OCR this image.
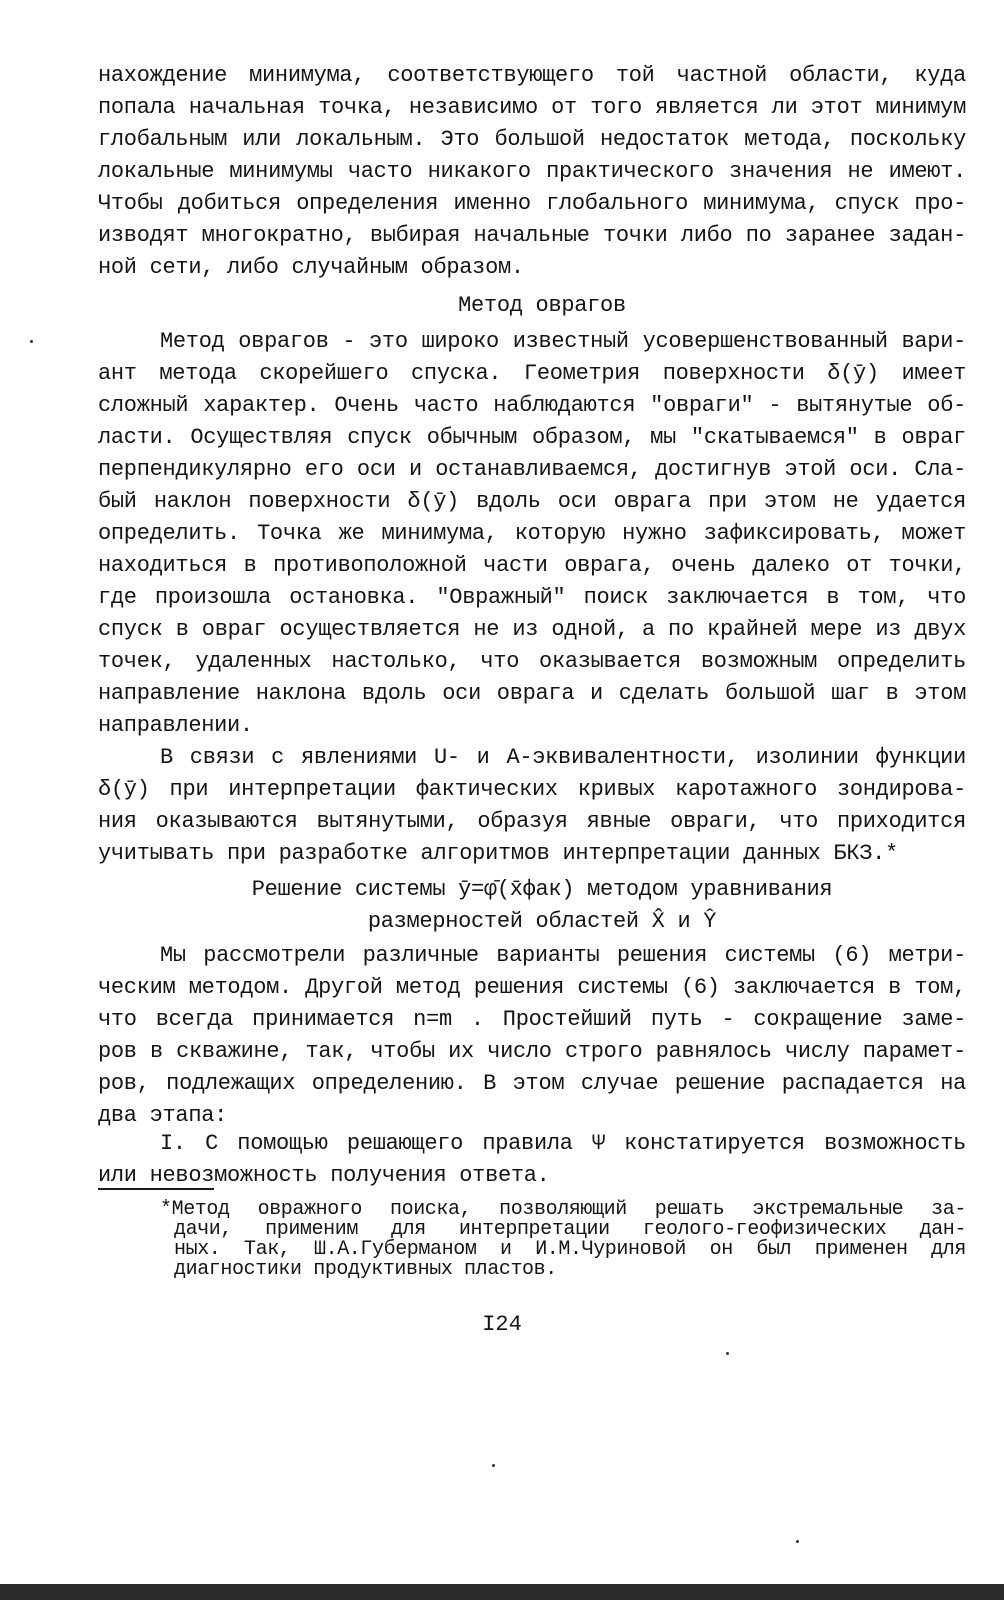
нахождение минимума, соответствующего той частной области, куда
попала начальная точка, независимо от того является ли этот минимум
глобальным или локальным. Это большой недостаток метода, поскольку
локальные минимумы часто никакого практического значения не имеют.
Чтобы добиться определения именно глобального минимума, спуск про-
изводят многократно, выбирая начальные точки либо по заранее задан-
ной сети, либо случайным образом.
Метод оврагов
Метод оврагов - это широко известный усовершенствованный вари-
ант метода скорейшего спуска. Геометрия поверхности δ(ȳ) имеет
сложный характер. Очень часто наблюдаются "овраги" - вытянутые об-
ласти. Осуществляя спуск обычным образом, мы "скатываемся" в овраг
перпендикулярно его оси и останавливаемся, достигнув этой оси. Сла-
бый наклон поверхности δ(ȳ) вдоль оси оврага при этом не удается
определить. Точка же минимума, которую нужно зафиксировать, может
находиться в противоположной части оврага, очень далеко от точки,
где произошла остановка. "Овражный" поиск заключается в том, что
спуск в овраг осуществляется не из одной, а по крайней мере из двух
точек, удаленных настолько, что оказывается возможным определить
направление наклона вдоль оси оврага и сделать большой шаг в этом
направлении.
В связи с явлениями U- и А-эквивалентности, изолинии функции
δ(ȳ) при интерпретации фактических кривых каротажного зондирова-
ния оказываются вытянутыми, образуя явные овраги, что приходится
учитывать при разработке алгоритмов интерпретации данных БКЗ.*
Решение системы ȳ=φ̄(x̄фак) методом уравнивания
размерностей областей X̂ и Ŷ
Мы рассмотрели различные варианты решения системы (6) метри-
ческим методом. Другой метод решения системы (6) заключается в том,
что всегда принимается n=m . Простейший путь - сокращение заме-
ров в скважине, так, чтобы их число строго равнялось числу парамет-
ров, подлежащих определению. В этом случае решение распадается на
два этапа:
I. С помощью решающего правила Ψ констатируется возможность
или невозможность получения ответа.
*Метод овражного поиска, позволяющий решать экстремальные за-
дачи, применим для интерпретации геолого-геофизических дан-
ных. Так, Ш.А.Губерманом и И.М.Чуриновой он был применен для
диагностики продуктивных пластов.
I24
